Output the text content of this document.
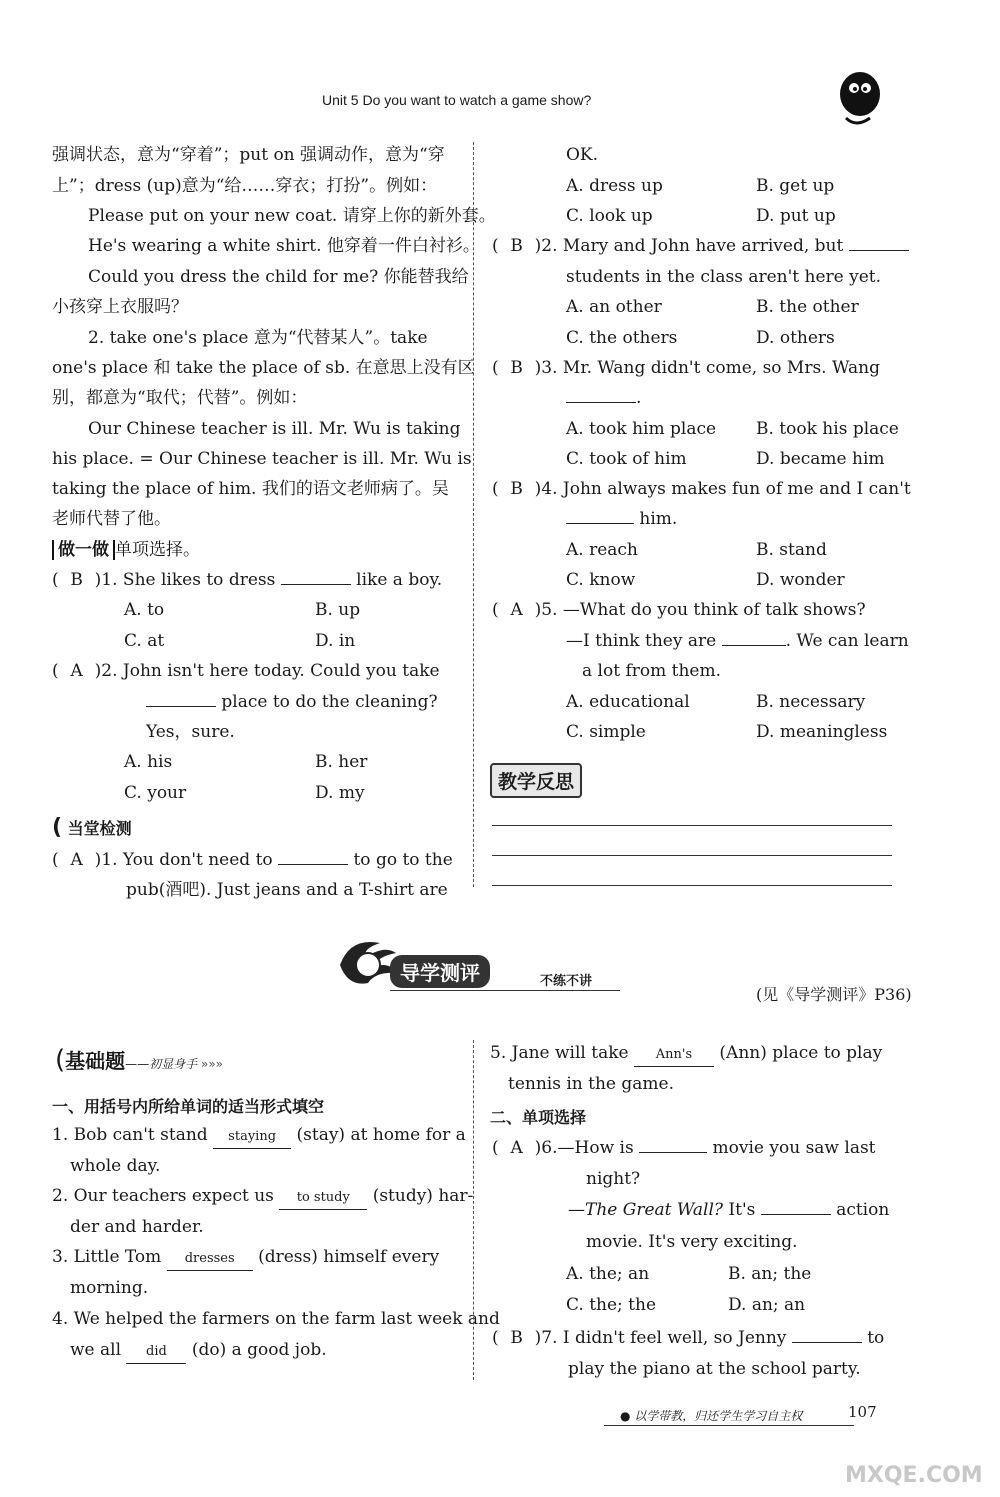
Unit 5 Do you want to watch a game show?
强调状态，意为“穿着”；put on 强调动作，意为“穿
上”；dress (up)意为“给……穿衣；打扮”。例如：
Please put on your new coat. 请穿上你的新外套。
He's wearing a white shirt. 他穿着一件白衬衫。
Could you dress the child for me? 你能替我给
小孩穿上衣服吗？
2. take one's place 意为“代替某人”。take
one's place 和 take the place of sb. 在意思上没有区
别，都意为“取代；代替”。例如：
Our Chinese teacher is ill. Mr. Wu is taking
his place. = Our Chinese teacher is ill. Mr. Wu is
taking the place of him. 我们的语文老师病了。吴
老师代替了他。
做一做 单项选择。
( B )1. She likes to dress	like a boy.
A. to	B. up
C. at	D. in
( A )2. John isn't here today. Could you take
place to do the cleaning?
Yes，sure.
A. his	B. her
C. your	D. my
( 当堂检测
( A )1. You don't need to	to go to the
pub(酒吧). Just jeans and a T-shirt are
OK.
A. dress up	B. get up
C. look up	D. put up
( B )2. Mary and John have arrived, but
students in the class aren't here yet.
A. an other	B. the other
C. the others	D. others
( B )3. Mr. Wang didn't come, so Mrs. Wang
.
A. took him place B. took his place
C. took of him	D. became him
( B )4. John always makes fun of me and I can't
him.
A. reach	B. stand
C. know	D. wonder
( A )5. —What do you think of talk shows?
—I think they are	. We can learn
a lot from them.
A. educational	B. necessary
C. simple	D. meaningless
教学反思
导学测评	不练不讲
(见《导学测评》P36)
(基础题——初显身手 »»»
一、用括号内所给单词的适当形式填空
1. Bob can't stand staying (stay) at home for a
whole day.
2. Our teachers expect us to study (study) har-
der and harder.
3. Little Tom dresses (dress) himself every
morning.
4. We helped the farmers on the farm last week and
we all did (do) a good job.
5. Jane will take Ann's (Ann) place to play
tennis in the game.
二、单项选择
( A )6.—How is	movie you saw last
night?
—The Great Wall? It's	action
movie. It's very exciting.
A. the; an	B. an; the
C. the; the	D. an; an
( B )7. I didn't feel well, so Jenny	to
play the piano at the school party.
● 以学带教，归还学生学习自主权	107
MXQE.COM
